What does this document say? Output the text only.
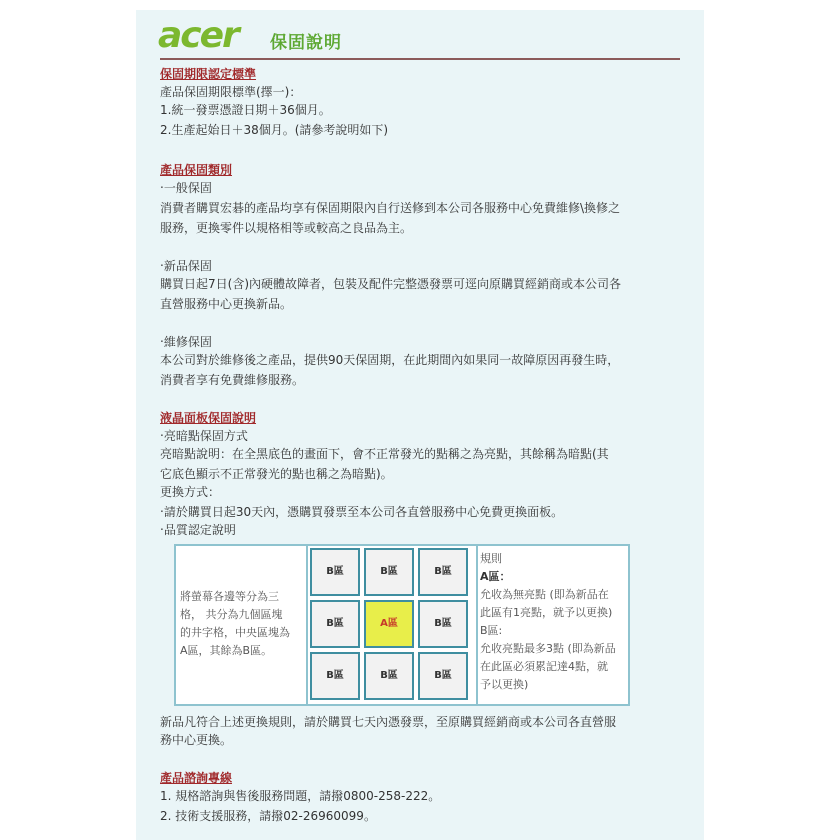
acer 保固說明
保固期限認定標準
產品保固期限標準(擇一)：
1.統一發票憑證日期＋36個月。
2.生產起始日＋38個月。(請參考說明如下)
產品保固類別
‧一般保固
消費者購買宏碁的產品均享有保固期限內自行送修到本公司各服務中心免費維修\換修之
服務，更換零件以規格相等或較高之良品為主。
‧新品保固
購買日起7日(含)內硬體故障者，包裝及配件完整憑發票可逕向原購買經銷商或本公司各
直營服務中心更換新品。
‧維修保固
本公司對於維修後之產品，提供90天保固期，在此期間內如果同一故障原因再發生時，
消費者享有免費維修服務。
液晶面板保固說明
‧亮暗點保固方式
亮暗點說明：在全黑底色的畫面下，會不正常發光的點稱之為亮點，其餘稱為暗點(其
它底色顯示不正常發光的點也稱之為暗點)。
更換方式：
‧請於購買日起30天內，憑購買發票至本公司各直營服務中心免費更換面板。
‧品質認定說明
將螢幕各邊等分為三
格， 共分為九個區塊
的井字格，中央區塊為
A區，其餘為B區。
B區	B區	B區
B區	A區	B區
B區	B區	B區
規則
A區：
允收為無亮點 (即為新品在
此區有1亮點，就予以更換)
B區:
允收亮點最多3點 (即為新品
在此區必須累記達4點，就
予以更換)
新品凡符合上述更換規則，請於購買七天內憑發票，至原購買經銷商或本公司各直營服
務中心更換。
產品諮詢專線
1. 規格諮詢與售後服務問題，請撥0800-258-222。
2. 技術支援服務，請撥02-26960099。
